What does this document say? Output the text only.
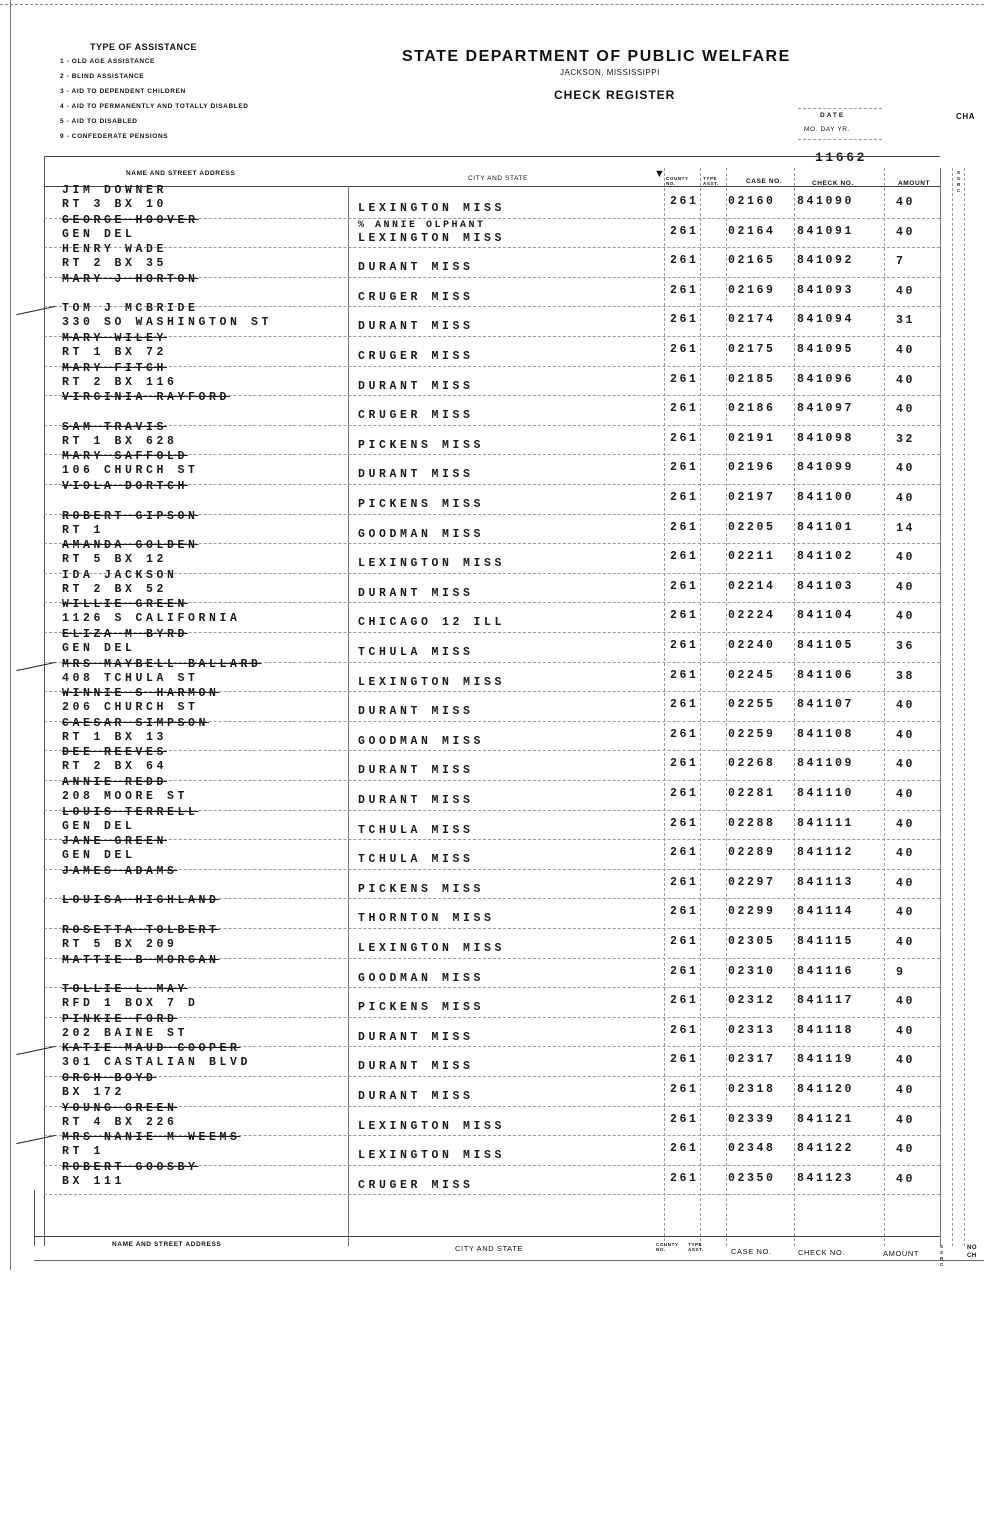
TYPE OF ASSISTANCE
1 - OLD AGE ASSISTANCE
2 - BLIND ASSISTANCE
3 - AID TO DEPENDENT CHILDREN
4 - AID TO PERMANENTLY AND TOTALLY DISABLED
5 - AID TO DISABLED
9 - CONFEDERATE PENSIONS
STATE DEPARTMENT OF PUBLIC WELFARE
JACKSON, MISSISSIPPI
CHECK REGISTER
DATE
MO. DAY YR.
CHA
11662
NAME AND STREET ADDRESS
CITY AND STATE	▼ COUNTY NO.
TYPE ASST.	CASE NO.	CHECK NO.	AMOUNT
S S R C
JIM DOWNER
RT 3 BX 10	LEXINGTON MISS
261	02160 841090	40
GEORGE HOOVER
GEN DEL	LEXINGTON MISS
% ANNIE OLPHANT	261	02164 841091	40
HENRY WADE
RT 2 BX 35	DURANT MISS
261	02165 841092	7
MARY J HORTON
CRUGER MISS
261	02169 841093	40
TOM J MCBRIDE
330 SO WASHINGTON ST	DURANT MISS
261	02174 841094	31
MARY WILEY
RT 1 BX 72	CRUGER MISS
261	02175 841095	40
MARY FITCH
RT 2 BX 116	DURANT MISS
261	02185 841096	40
VIRGINIA RAYFORD
CRUGER MISS
261	02186 841097	40
SAM TRAVIS
RT 1 BX 628	PICKENS MISS
261	02191 841098	32
MARY SAFFOLD
106 CHURCH ST	DURANT MISS
261	02196 841099	40
VIOLA DORTCH
PICKENS MISS
261	02197 841100	40
ROBERT GIPSON
RT 1	GOODMAN MISS
261	02205 841101	14
AMANDA GOLDEN
RT 5 BX 12	LEXINGTON MISS
261	02211 841102	40
IDA JACKSON
RT 2 BX 52	DURANT MISS
261	02214 841103	40
WILLIE GREEN
1126 S CALIFORNIA	CHICAGO 12 ILL
261	02224 841104	40
ELIZA M BYRD
GEN DEL	TCHULA MISS
261	02240 841105	36
MRS MAYBELL BALLARD
408 TCHULA ST	LEXINGTON MISS
261	02245 841106	38
WINNIE S HARMON
206 CHURCH ST	DURANT MISS
261	02255 841107	40
CAESAR SIMPSON
RT 1 BX 13	GOODMAN MISS
261	02259 841108	40
DEE REEVES
RT 2 BX 64	DURANT MISS
261	02268 841109	40
ANNIE REDD
208 MOORE ST	DURANT MISS
261	02281 841110	40
LOUIS TERRELL
GEN DEL	TCHULA MISS
261	02288 841111	40
JANE GREEN
GEN DEL	TCHULA MISS
261	02289 841112	40
JAMES ADAMS
PICKENS MISS
261	02297 841113	40
LOUISA HIGHLAND
THORNTON MISS
261	02299 841114	40
ROSETTA TOLBERT
RT 5 BX 209	LEXINGTON MISS
261	02305 841115	40
MATTIE B MORGAN
GOODMAN MISS
261	02310 841116	9
TOLLIE L MAY
RFD 1 BOX 7 D	PICKENS MISS
261	02312 841117	40
PINKIE FORD
202 BAINE ST	DURANT MISS
261	02313 841118	40
KATIE MAUD COOPER
301 CASTALIAN BLVD	DURANT MISS
261	02317 841119	40
ORGH BOYD
BX 172	DURANT MISS
261	02318 841120	40
YOUNG GREEN
RT 4 BX 226	LEXINGTON MISS
261	02339 841121	40
MRS NANIE M WEEMS
RT 1	LEXINGTON MISS
261	02348 841122	40
ROBERT GOOSBY
BX 111	CRUGER MISS
261	02350 841123	40
NAME AND STREET ADDRESS	CITY AND STATE	COUNTY NO.
TYPE ASST.	CASE NO.	CHECK NO.	AMOUNT
S S R C
NO CH
